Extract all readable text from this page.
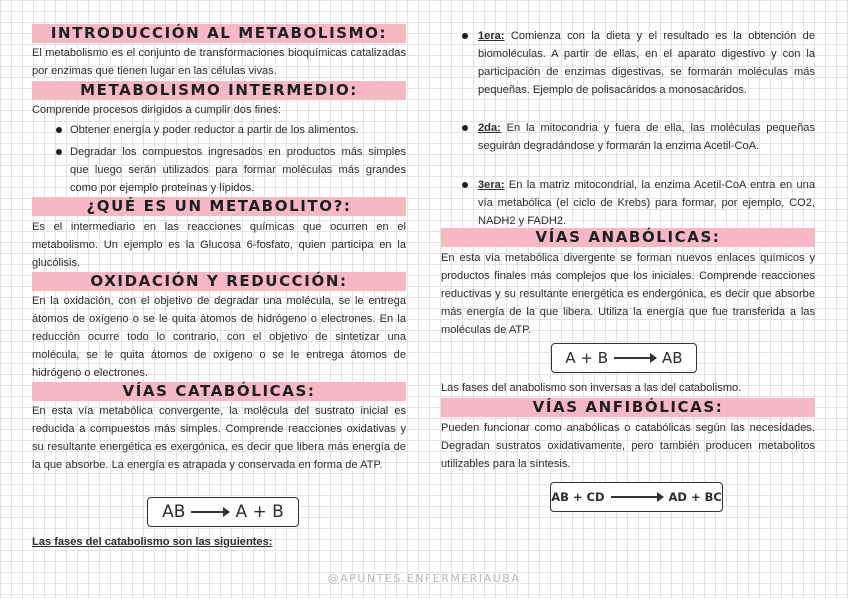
INTRODUCCIÓN AL METABOLISMO:

El metabolismo es el conjunto de transformaciones bioquímicas catalizadas por enzimas que tienen lugar en las células vivas.

METABOLISMO INTERMEDIO:

Comprende procesos dirigidos a cumplir dos fines:

Obtener energía y poder reductor a partir de los alimentos.
Degradar los compuestos ingresados en productos más simples que luego serán utilizados para formar moléculas más grandes como por ejemplo proteínas y lípidos.
¿QUÉ ES UN METABOLITO?:

Es el intermediario en las reacciones químicas que ocurren en el metabolismo. Un ejemplo es la Glucosa 6-fosfato, quien participa en la glucólisis.

OXIDACIÓN Y REDUCCIÓN:

En la oxidación, con el objetivo de degradar una molécula, se le entrega átomos de oxígeno o se le quita átomos de hidrógeno o electrones. En la reducción ocurre todo lo contrario, con el objetivo de sintetizar una molécula, se le quita átomos de oxígeno o se le entrega átomos de hidrógeno o electrones.

VÍAS CATABÓLICAS:

En esta vía metabólica convergente, la molécula del sustrato inicial es reducida a compuestos más simples. Comprende reacciones oxidativas y su resultante energética es exergónica, es decir que libera más energía de la que absorbe. La energía es atrapada y conservada en forma de ATP.

AB	A + B
Las fases del catabolismo son las siguientes:
1era: Comienza con la dieta y el resultado es la obtención de biomoléculas. A partir de ellas, en el aparato digestivo y con la participación de enzimas digestivas, se formarán moléculas más pequeñas. Ejemplo de polisacáridos a monosacáridos.
2da: En la mitocondria y fuera de ella, las moléculas pequeñas seguirán degradándose y formarán la enzima Acetil-CoA.
3era: En la matriz mitocondrial, la enzima Acetil-CoA entra en una vía metabólica (el ciclo de Krebs) para formar, por ejemplo, CO2, NADH2 y FADH2.
VÍAS ANABÓLICAS:

En esta vía metabólica divergente se forman nuevos enlaces químicos y productos finales más complejos que los iniciales. Comprende reacciones reductivas y su resultante energética es endergónica, es decir que absorbe más energía de la que libera. Utiliza la energía que fue transferida a las moléculas de ATP.

A + B	AB

Las fases del anabolismo son inversas a las del catabolismo.

VÍAS ANFIBÓLICAS:

Pueden funcionar como anabólicas o catabólicas según las necesidades. Degradan sustratos oxidativamente, pero también producen metabolitos utilizables para la síntesis.

AB + CD	AD + BC
@APUNTES.ENFERMERIAUBA
